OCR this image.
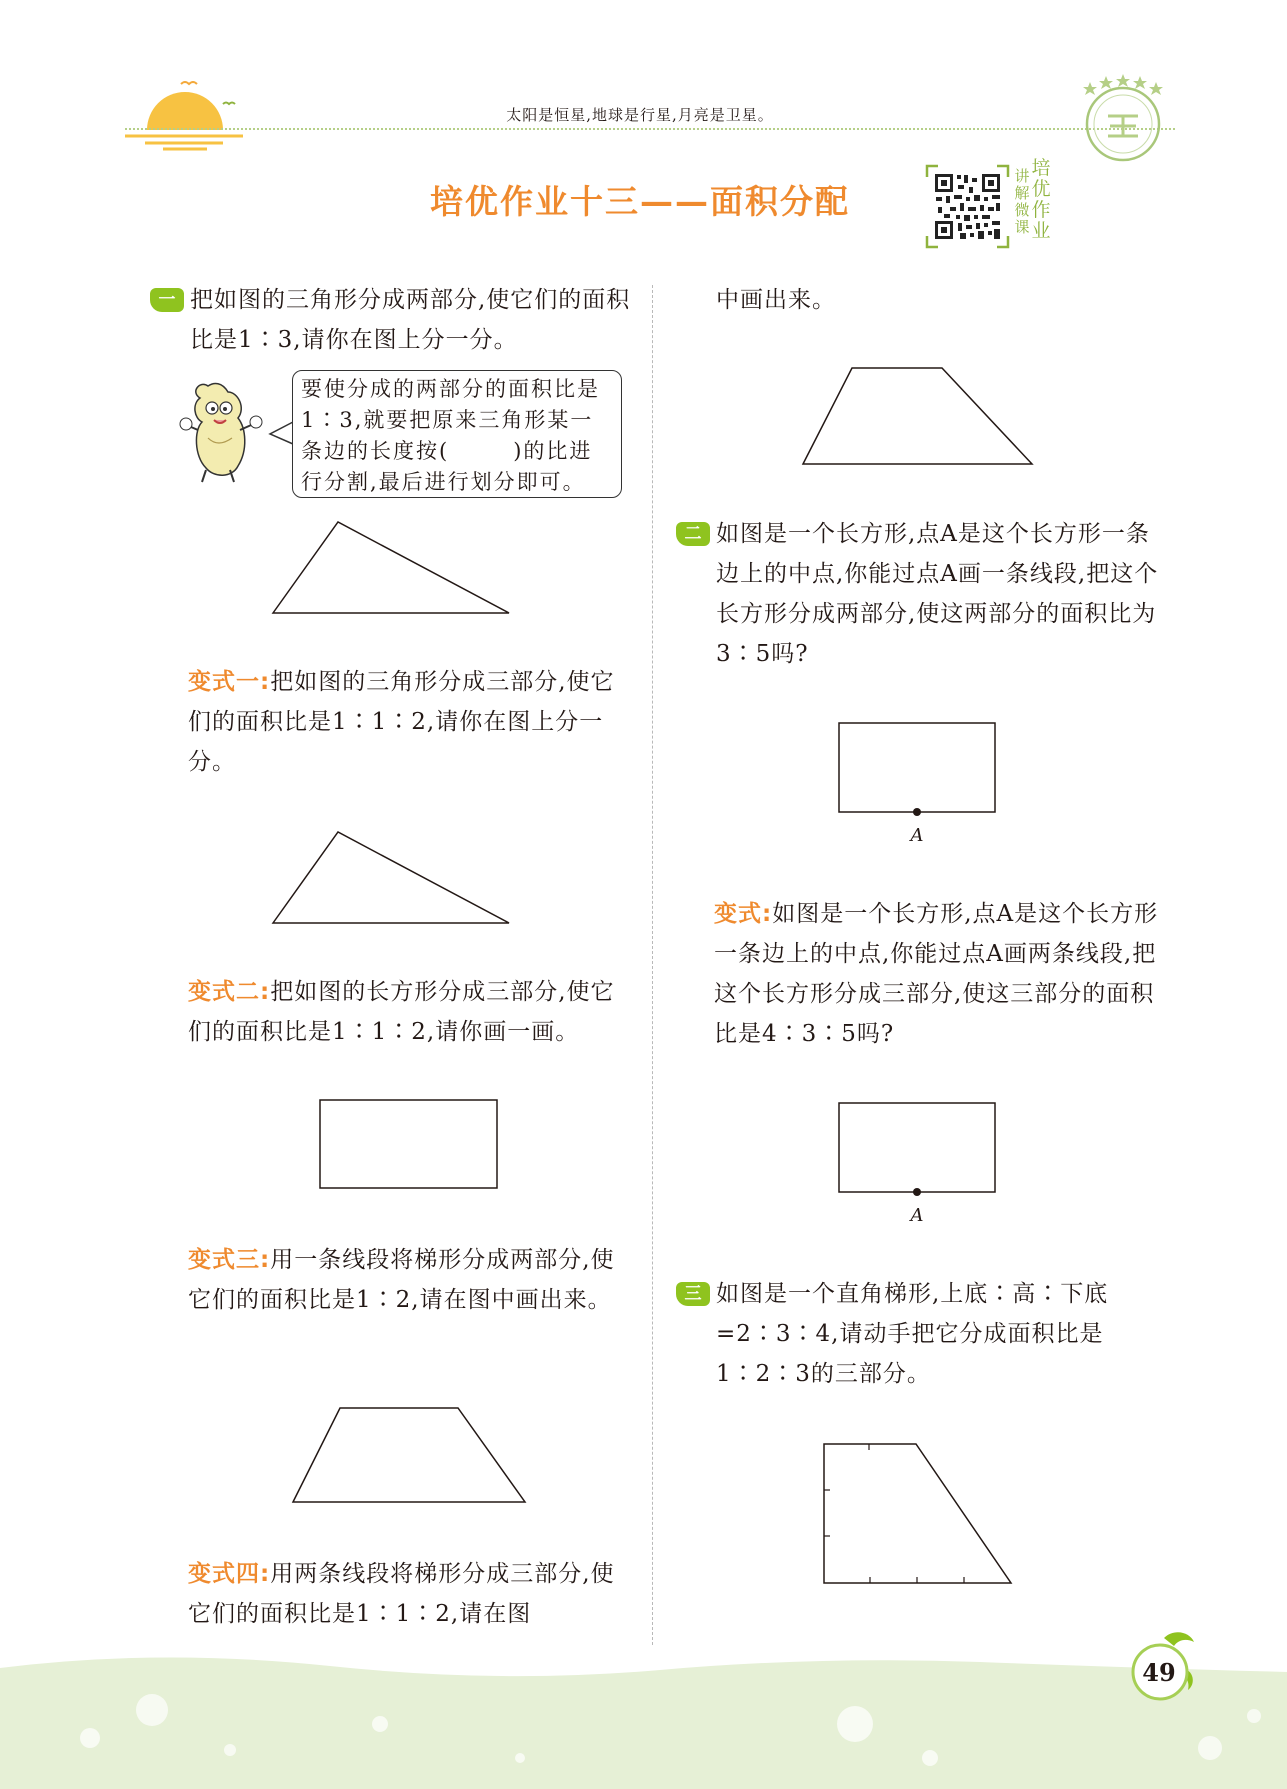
太阳是恒星,地球是行星,月亮是卫星。
培优作业十三——面积分配
讲解微课
培优作业
一 把如图的三角形分成两部分,使它们的面积比是1∶3,请你在图上分一分。
要使分成的两部分的面积比是1∶3,就要把原来三角形某一条边的长度按(	)的比进行分割,最后进行划分即可。
变式一:把如图的三角形分成三部分,使它们的面积比是1∶1∶2,请你在图上分一分。
变式二:把如图的长方形分成三部分,使它们的面积比是1∶1∶2,请你画一画。
变式三:用一条线段将梯形分成两部分,使它们的面积比是1∶2,请在图中画出来。
变式四:用两条线段将梯形分成三部分,使它们的面积比是1∶1∶2,请在图
中画出来。
二 如图是一个长方形,点A是这个长方形一条边上的中点,你能过点A画一条线段,把这个长方形分成两部分,使这两部分的面积比为3∶5吗?
A
变式:如图是一个长方形,点A是这个长方形一条边上的中点,你能过点A画两条线段,把这个长方形分成三部分,使这三部分的面积比是4∶3∶5吗?
A
三 如图是一个直角梯形,上底∶高∶下底=2∶3∶4,请动手把它分成面积比是1∶2∶3的三部分。
49
